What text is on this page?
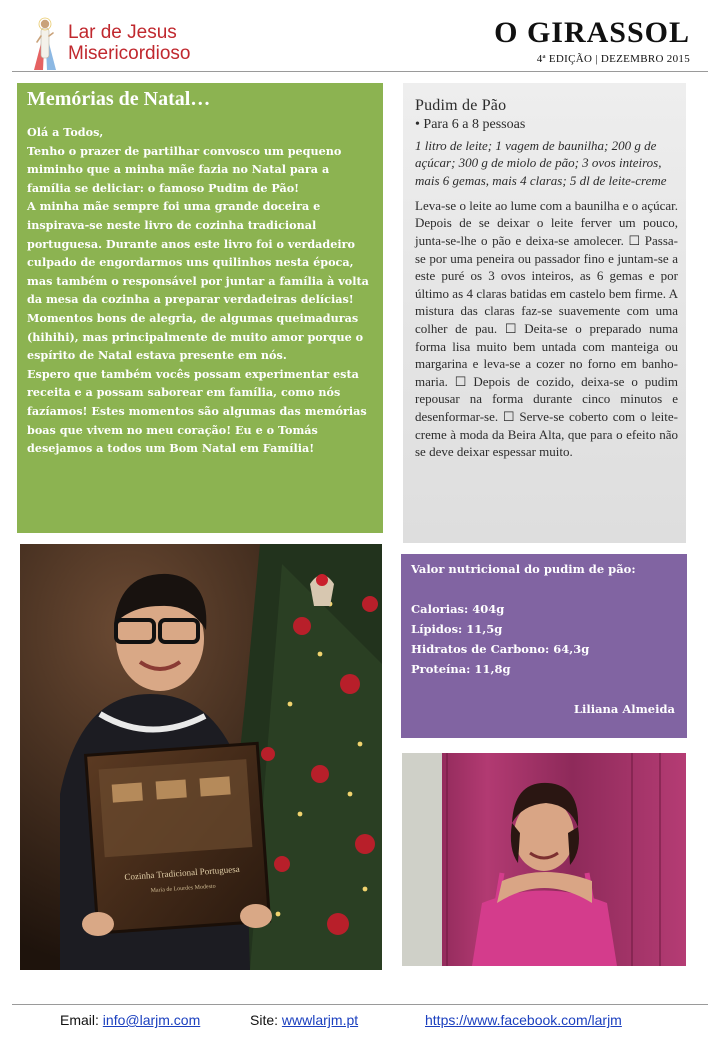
Lar de Jesus
Misericordioso
O GIRASSOL
4ª EDIÇÃO | DEZEMBRO 2015
Memórias de Natal…

Olá a Todos,

Tenho o prazer de partilhar convosco um pequeno miminho que a minha mãe fazia no Natal para a família se deliciar: o famoso Pudim de Pão!

A minha mãe sempre foi uma grande doceira e inspirava-se neste livro de cozinha tradicional portuguesa. Durante anos este livro foi o verdadeiro culpado de engordarmos uns quilinhos nesta época, mas também o responsável por juntar a família à volta da mesa da cozinha a preparar verdadeiras delícias! Momentos bons de alegria, de algumas queimaduras (hihihi), mas principalmente de muito amor porque o espírito de Natal estava presente em nós.

Espero que também vocês possam experimentar esta receita e a possam saborear em família, como nós fazíamos! Estes momentos são algumas das memórias boas que vivem no meu coração! Eu e o Tomás desejamos a todos um Bom Natal em Família!

Pudim de Pão
• Para 6 a 8 pessoas
1 litro de leite; 1 vagem de baunilha; 200 g de açúcar; 300 g de miolo de pão; 3 ovos inteiros, mais 6 gemas, mais 4 claras; 5 dl de leite-creme
Leva-se o leite ao lume com a baunilha e o açúcar. Depois de se deixar o leite ferver um pouco, junta-se-lhe o pão e deixa-se amolecer. ☐ Passa-se por uma peneira ou passador fino e juntam-se a este puré os 3 ovos inteiros, as 6 gemas e por último as 4 claras batidas em castelo bem firme. A mistura das claras faz-se suavemente com uma colher de pau. ☐ Deita-se o preparado numa forma lisa muito bem untada com manteiga ou margarina e leva-se a cozer no forno em banho-maria. ☐ Depois de cozido, deixa-se o pudim repousar na forma durante cinco minutos e desenformar-se. ☐ Serve-se coberto com o leite-creme à moda da Beira Alta, que para o efeito não se deve deixar espessar muito.
Cozinha Tradicional Portuguesa
Maria de Lourdes Modesto

Valor nutricional do pudim de pão:

Calorias: 404g

Lípidos: 11,5g

Hidratos de Carbono: 64,3g

Proteína: 11,8g

Liliana Almeida

Email: info@larjm.com	Site: wwwlarjm.pt	https://www.facebook.com/larjm
